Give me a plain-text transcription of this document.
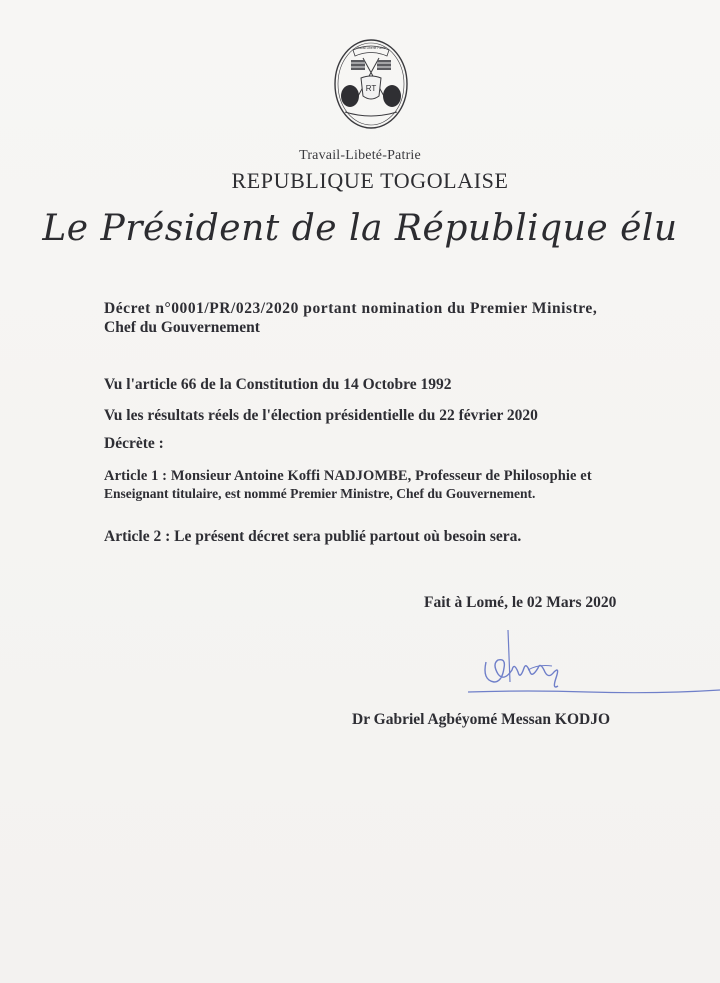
RT
Travail Liberté Patrie
Travail-Libeté-Patrie
REPUBLIQUE TOGOLAISE
Le Président de la République élu
Décret n°0001/PR/023/2020 portant nomination du Premier Ministre,
Chef du Gouvernement
Vu l'article 66 de la Constitution du 14 Octobre 1992
Vu les résultats réels de l'élection présidentielle du 22 février 2020
Décrète :
Article 1 : Monsieur Antoine Koffi NADJOMBE, Professeur de Philosophie et
Enseignant titulaire, est nommé Premier Ministre, Chef du Gouvernement.
Article 2 : Le présent décret sera publié partout où besoin sera.
Fait à Lomé, le 02 Mars 2020
Dr Gabriel Agbéyomé Messan KODJO
